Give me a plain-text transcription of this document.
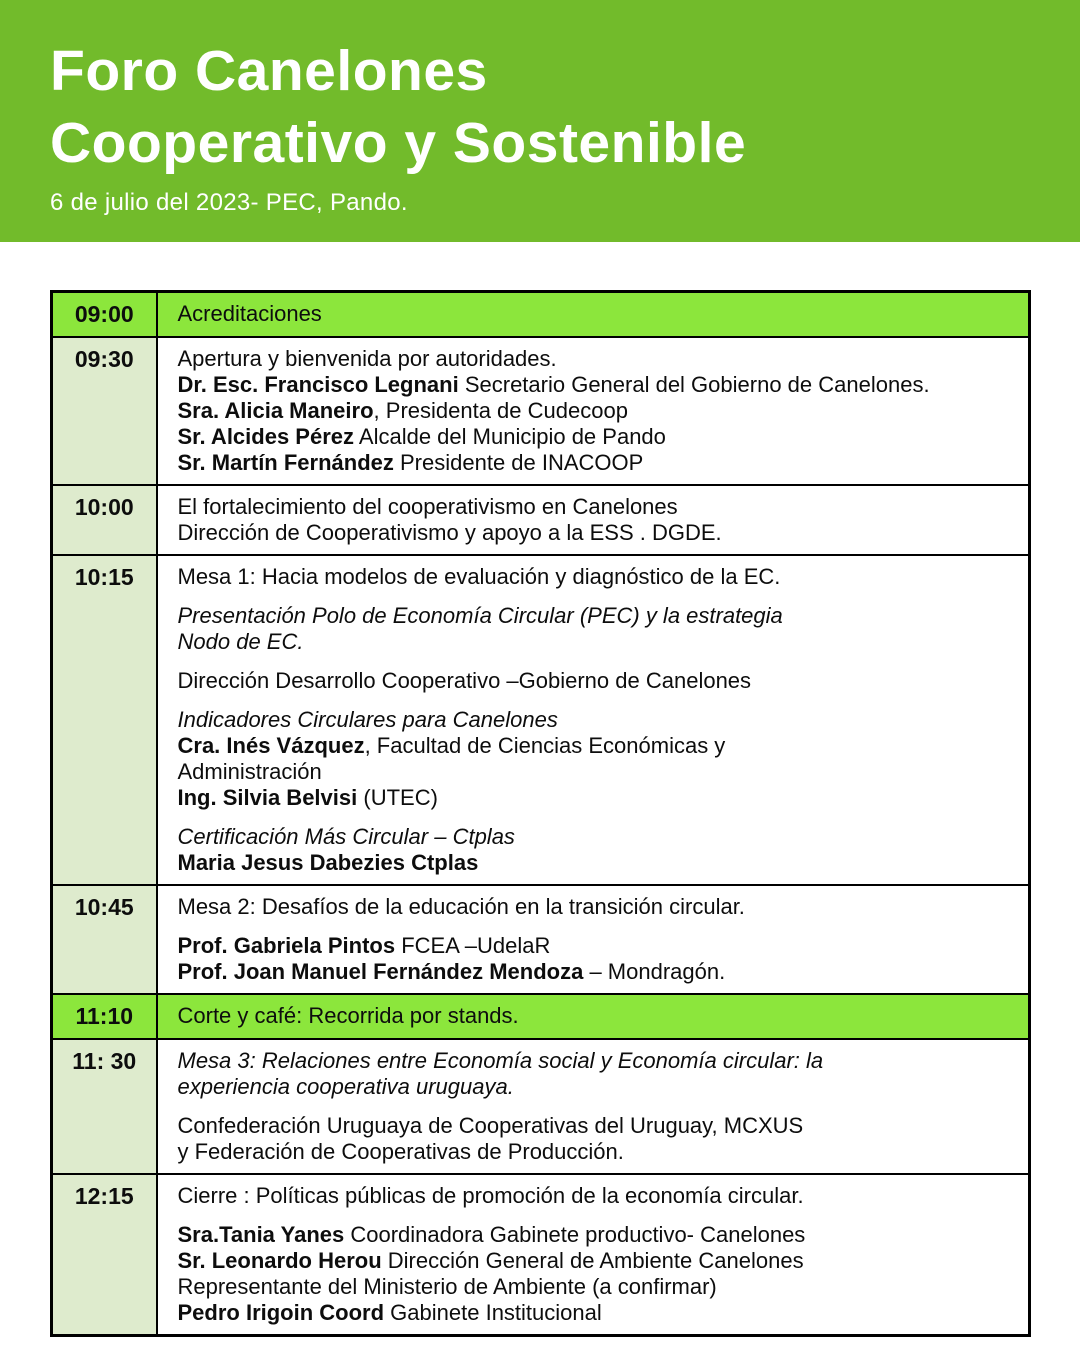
Foro Canelones
Cooperativo y Sostenible

6 de julio del 2023- PEC, Pando.

09:00	Acreditaciones

09:30	Apertura y bienvenida por autoridades.
Dr. Esc. Francisco Legnani Secretario General del Gobierno de Canelones.
Sra. Alicia Maneiro, Presidenta de Cudecoop
Sr. Alcides Pérez Alcalde del Municipio de Pando
Sr. Martín Fernández Presidente de INACOOP

10:00	El fortalecimiento del cooperativismo en Canelones
Dirección de Cooperativismo y apoyo a la ESS . DGDE.

10:15	Mesa 1: Hacia modelos de evaluación y diagnóstico de la EC.
Presentación Polo de Economía Circular (PEC) y la estrategia
Nodo de EC.
Dirección Desarrollo Cooperativo –Gobierno de Canelones
Indicadores Circulares para Canelones
Cra. Inés Vázquez, Facultad de Ciencias Económicas y
Administración
Ing. Silvia Belvisi (UTEC)
Certificación Más Circular – Ctplas
Maria Jesus Dabezies Ctplas

10:45	Mesa 2: Desafíos de la educación en la transición circular.
Prof. Gabriela Pintos FCEA –UdelaR
Prof. Joan Manuel Fernández Mendoza – Mondragón.

11:10	Corte y café: Recorrida por stands.

11: 30	Mesa 3: Relaciones entre Economía social y Economía circular: la
experiencia cooperativa uruguaya.
Confederación Uruguaya de Cooperativas del Uruguay, MCXUS
y Federación de Cooperativas de Producción.

12:15	Cierre : Políticas públicas de promoción de la economía circular.
Sra.Tania Yanes Coordinadora Gabinete productivo- Canelones
Sr. Leonardo Herou Dirección General de Ambiente Canelones
Representante del Ministerio de Ambiente (a confirmar)
Pedro Irigoin Coord Gabinete Institucional
